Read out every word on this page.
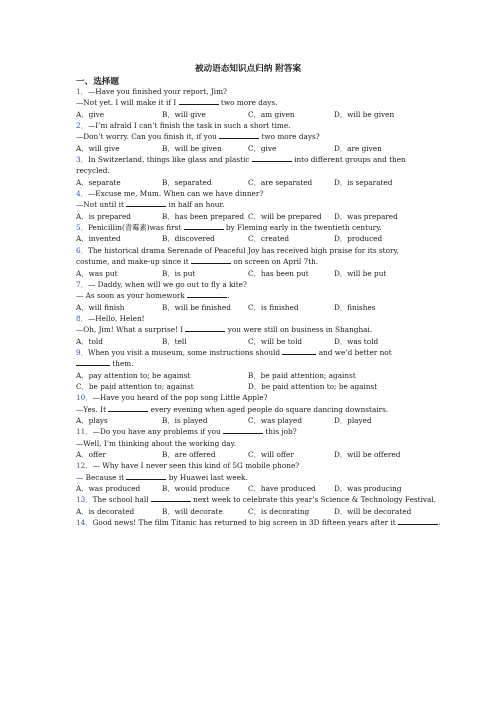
被动语态知识点归纳 附答案
一、选择题
1．—Have you finished your report, Jim?
—Not yet. I will make it if I	two more days.
A．give	B．will give	C．am given	D．will be given
2．—I’m afraid I can’t finish the task in such a short time.
—Don’t worry. Can you finish it, if you	two more days?
A．will give	B．will be given	C．give	D．are given
3．In Switzerland, things like glass and plastic	into different groups and then recycled.
A．separate	B．separated	C．are separated	D．is separated
4．—Excuse me, Mum. When can we have dinner?
—Not until it	in half an hour.
A．is prepared	B．has been prepared C．will be prepared D．was prepared
5．Penicillin(青霉素)was first	by Fleming early in the twentieth century.
A．invented	B．discovered	C．created	D．produced
6．The historical drama Serenade of Peaceful Joy has received high praise for its story, costume, and make-up since it	on screen on April 7th.
A．was put	B．is put	C．has been put	D．will be put
7．— Daddy, when will we go out to fly a kite?
— As soon as your homework	.
A．will finish	B．will be finished C．is finished	D．finishes
8．—Hello, Helen!
—Oh, Jim! What a surprise! I	you were still on business in Shanghai.
A．told	B．tell	C．will be told	D．was told
9．When you visit a museum, some instructions should	and we’d better not  them.
A．pay attention to; be against	B．be paid attention; against
C．be paid attention to; against	D．be paid attention to; be against
10．—Have you heard of the pop song Little Apple?
—Yes. It	every evening when aged people do square dancing downstairs.
A．plays	B．is played	C．was played	D．played
11．—Do you have any problems if you	this job?
—Well, I’m thinking about the working day.
A．offer	B．are offered	C．will offer	D．will be offered
12．— Why have I never seen this kind of 5G mobile phone?
— Because it	by Huawei last week.
A．was produced	B．would produce	C．have produced	D．was producing
13．The school hall	next week to celebrate this year’s Science & Technology Festival.
A．is decorated	B．will decorate	C．is decorating	D．will be decorated
14．Good news! The film Titanic has returned to big screen in 3D fifteen years after it	.
